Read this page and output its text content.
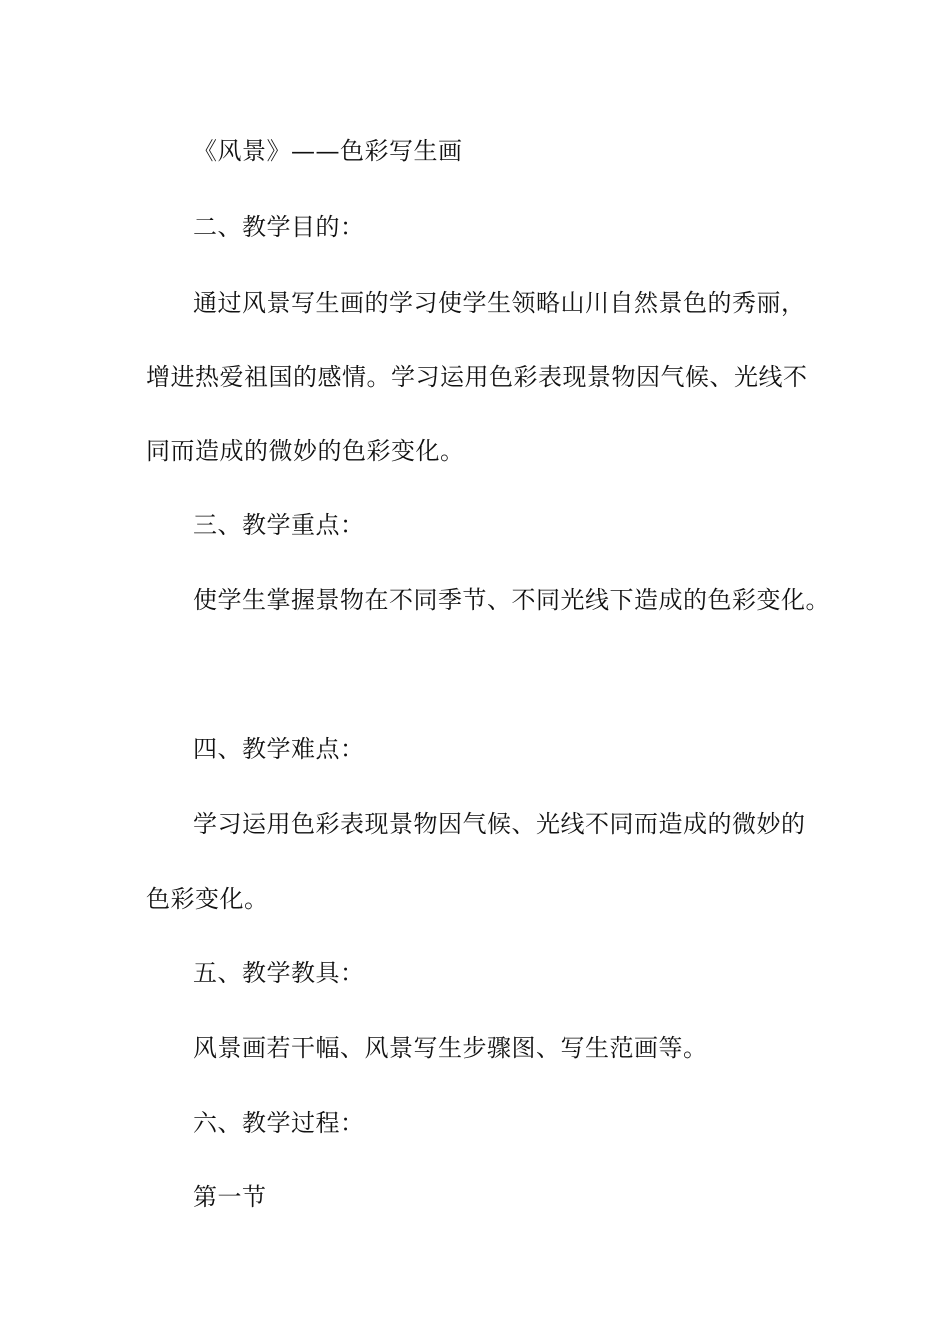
《风景》——色彩写生画
二、教学目的：
通过风景写生画的学习使学生领略山川自然景色的秀丽，
增进热爱祖国的感情。学习运用色彩表现景物因气候、光线不
同而造成的微妙的色彩变化。
三、教学重点：
使学生掌握景物在不同季节、不同光线下造成的色彩变化。
四、教学难点：
学习运用色彩表现景物因气候、光线不同而造成的微妙的
色彩变化。
五、教学教具：
风景画若干幅、风景写生步骤图、写生范画等。
六、教学过程：
第一节
